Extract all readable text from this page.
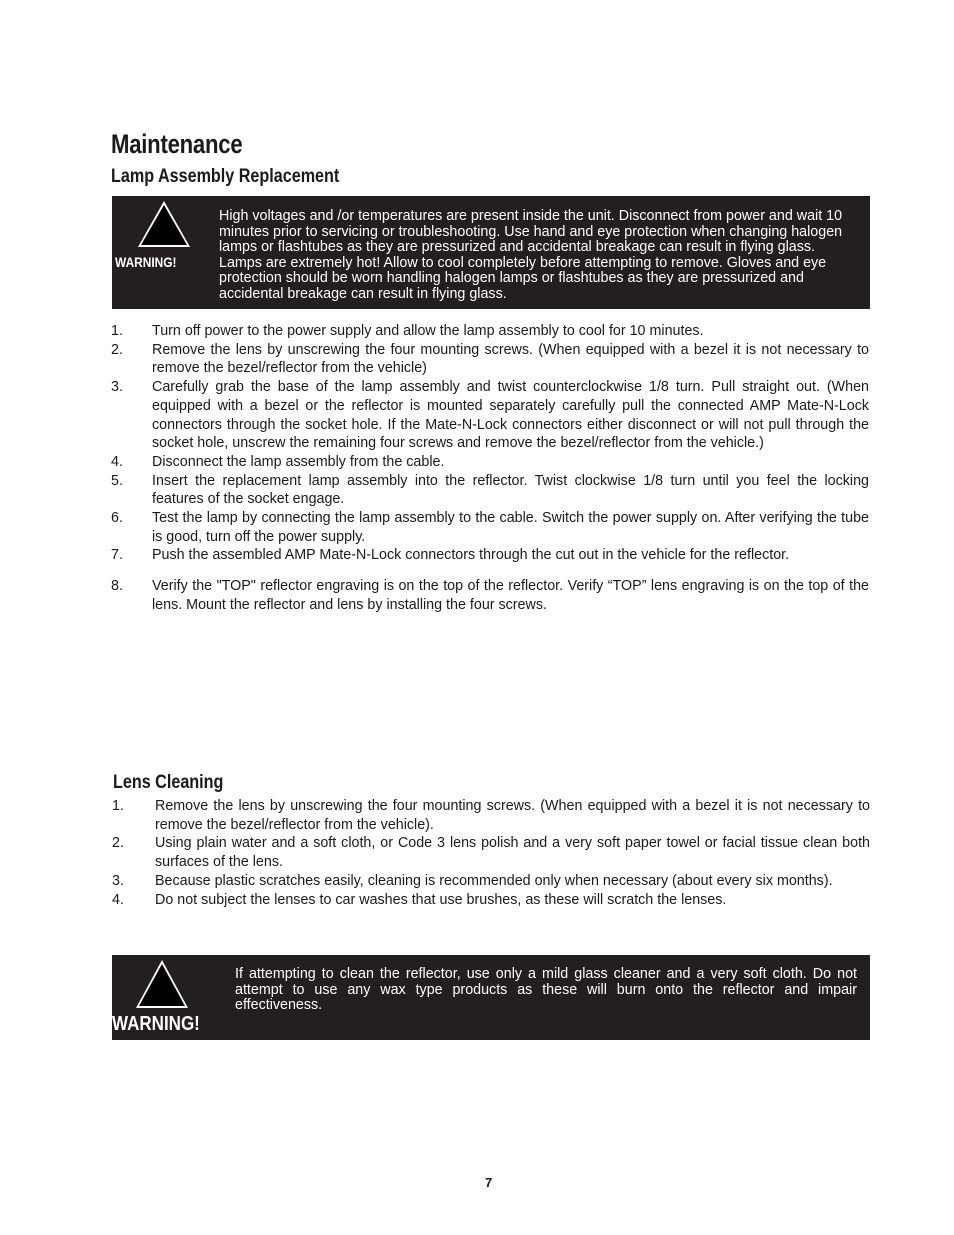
Maintenance
Lamp Assembly Replacement
WARNING!
High voltages and /or temperatures are present inside the unit. Disconnect from power and wait 10 minutes prior to servicing or troubleshooting. Use hand and eye protection when changing halogen lamps or flashtubes as they are pressurized and accidental breakage can result in flying glass. Lamps are extremely hot! Allow to cool completely before attempting to remove. Gloves and eye protection should be worn handling halogen lamps or flashtubes as they are pressurized and accidental breakage can result in flying glass.
1. Turn off power to the power supply and allow the lamp assembly to cool for 10 minutes.
2. Remove the lens by unscrewing the four mounting screws. (When equipped with a bezel it is not necessary to remove the bezel/reflector from the vehicle)
3. Carefully grab the base of the lamp assembly and twist counterclockwise 1/8 turn. Pull straight out. (When equipped with a bezel or the reflector is mounted separately carefully pull the connected AMP Mate-N-Lock connectors through the socket hole. If the Mate-N-Lock connectors either disconnect or will not pull through the socket hole, unscrew the remaining four screws and remove the bezel/reflector from the vehicle.)
4. Disconnect the lamp assembly from the cable.
5. Insert the replacement lamp assembly into the reflector. Twist clockwise 1/8 turn until you feel the locking features of the socket engage.
6. Test the lamp by connecting the lamp assembly to the cable. Switch the power supply on. After verifying the tube is good, turn off the power supply.
7. Push the assembled AMP Mate-N-Lock connectors through the cut out in the vehicle for the reflector.
8. Verify the "TOP" reflector engraving is on the top of the reflector. Verify “TOP” lens engraving is on the top of the lens. Mount the reflector and lens by installing the four screws.
Lens Cleaning
1. Remove the lens by unscrewing the four mounting screws. (When equipped with a bezel it is not necessary to remove the bezel/reflector from the vehicle).
2. Using plain water and a soft cloth, or Code 3 lens polish and a very soft paper towel or facial tissue clean both surfaces of the lens.
3. Because plastic scratches easily, cleaning is recommended only when necessary (about every six months).
4. Do not subject the lenses to car washes that use brushes, as these will scratch the lenses.
WARNING!
If attempting to clean the reflector, use only a mild glass cleaner and a very soft cloth. Do not attempt to use any wax type products as these will burn onto the reflector and impair effectiveness.
7
